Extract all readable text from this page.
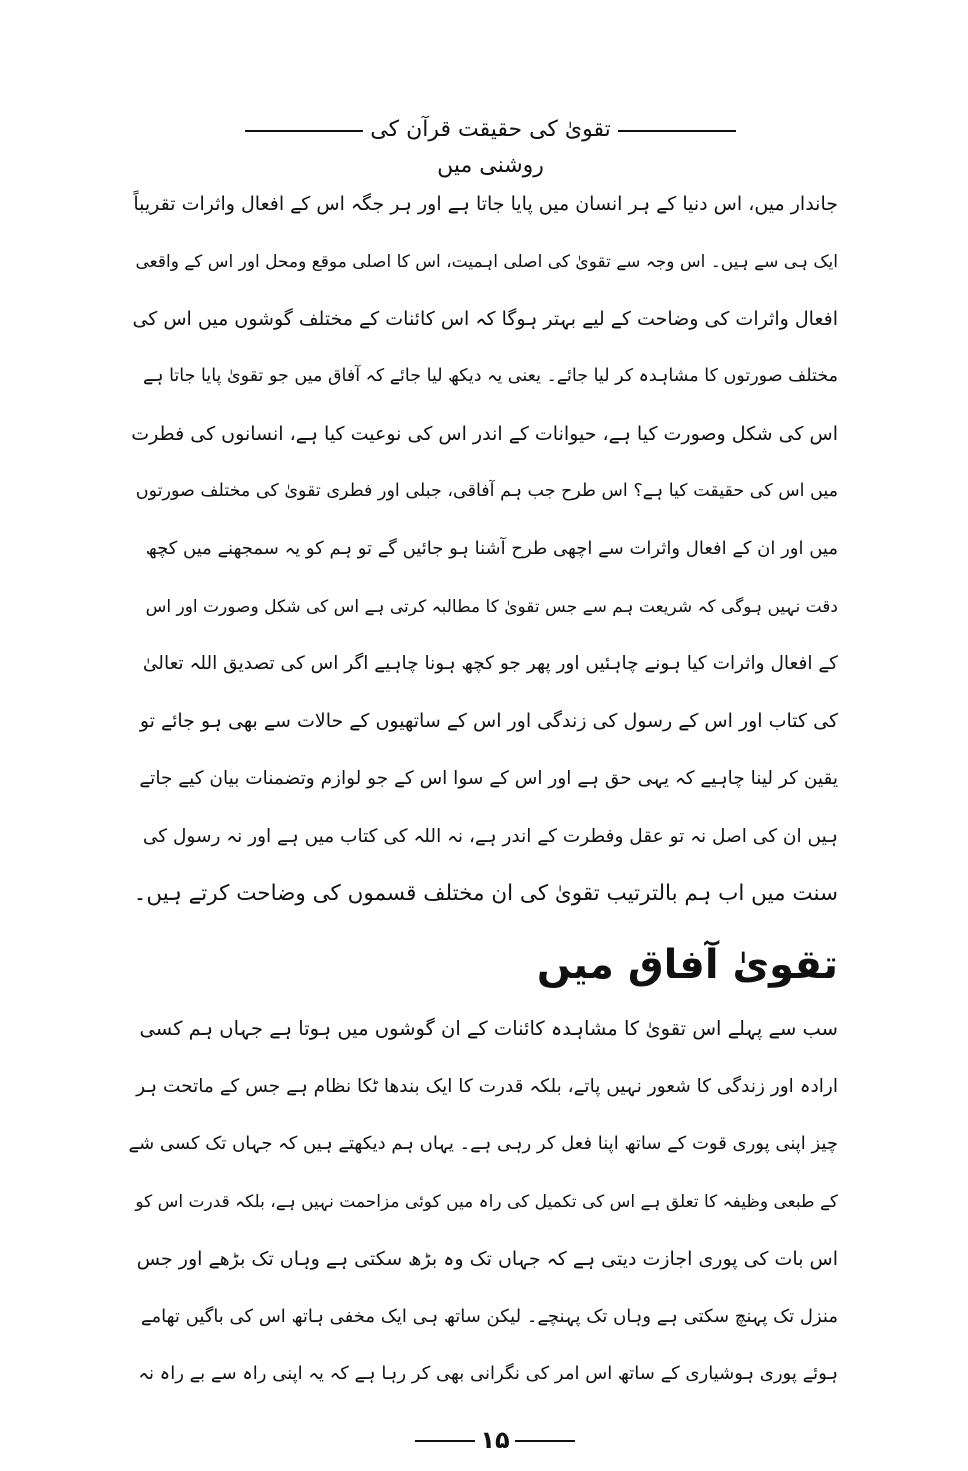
تقویٰ کی حقیقت قرآن کی روشنی میں
جاندار میں، اس دنیا کے ہر انسان میں پایا جاتا ہے اور ہر جگہ اس کے افعال واثرات تقریباً
ایک ہی سے ہیں۔ اس وجہ سے تقویٰ کی اصلی اہمیت، اس کا اصلی موقع ومحل اور اس کے واقعی
افعال واثرات کی وضاحت کے لیے بہتر ہوگا کہ اس کائنات کے مختلف گوشوں میں اس کی
مختلف صورتوں کا مشاہدہ کر لیا جائے۔ یعنی یہ دیکھ لیا جائے کہ آفاق میں جو تقویٰ پایا جاتا ہے
اس کی شکل وصورت کیا ہے، حیوانات کے اندر اس کی نوعیت کیا ہے، انسانوں کی فطرت
میں اس کی حقیقت کیا ہے؟ اس طرح جب ہم آفاقی، جبلی اور فطری تقویٰ کی مختلف صورتوں
میں اور ان کے افعال واثرات سے اچھی طرح آشنا ہو جائیں گے تو ہم کو یہ سمجھنے میں کچھ
دقت نہیں ہوگی کہ شریعت ہم سے جس تقویٰ کا مطالبہ کرتی ہے اس کی شکل وصورت اور اس
کے افعال واثرات کیا ہونے چاہئیں اور پھر جو کچھ ہونا چاہیے اگر اس کی تصدیق اللہ تعالیٰ
کی کتاب اور اس کے رسول کی زندگی اور اس کے ساتھیوں کے حالات سے بھی ہو جائے تو
یقین کر لینا چاہیے کہ یہی حق ہے اور اس کے سوا اس کے جو لوازم وتضمنات بیان کیے جاتے
ہیں ان کی اصل نہ تو عقل وفطرت کے اندر ہے، نہ اللہ کی کتاب میں ہے اور نہ رسول کی
سنت میں اب ہم بالترتیب تقویٰ کی ان مختلف قسموں کی وضاحت کرتے ہیں۔
تقویٰ آفاق میں
سب سے پہلے اس تقویٰ کا مشاہدہ کائنات کے ان گوشوں میں ہوتا ہے جہاں ہم کسی
ارادہ اور زندگی کا شعور نہیں پاتے، بلکہ قدرت کا ایک بندھا ٹکا نظام ہے جس کے ماتحت ہر
چیز اپنی پوری قوت کے ساتھ اپنا فعل کر رہی ہے۔ یہاں ہم دیکھتے ہیں کہ جہاں تک کسی شے
کے طبعی وظیفہ کا تعلق ہے اس کی تکمیل کی راہ میں کوئی مزاحمت نہیں ہے، بلکہ قدرت اس کو
اس بات کی پوری اجازت دیتی ہے کہ جہاں تک وہ بڑھ سکتی ہے وہاں تک بڑھے اور جس
منزل تک پہنچ سکتی ہے وہاں تک پہنچے۔ لیکن ساتھ ہی ایک مخفی ہاتھ اس کی باگیں تھامے
ہوئے پوری ہوشیاری کے ساتھ اس امر کی نگرانی بھی کر رہا ہے کہ یہ اپنی راہ سے بے راہ نہ
۱۵
